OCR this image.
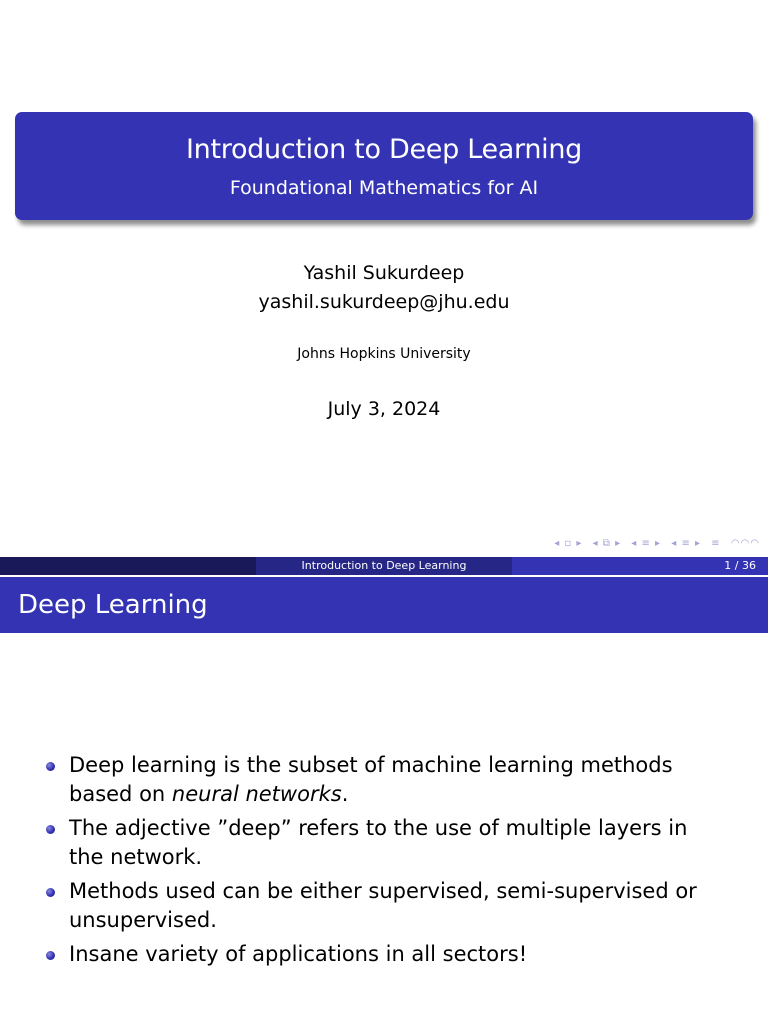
Introduction to Deep Learning
Foundational Mathematics for AI
Yashil Sukurdeep
yashil.sukurdeep@jhu.edu
Johns Hopkins University
July 3, 2024
◂ ▫ ▸ ◂ ⧉ ▸ ◂ ≡ ▸ ◂ ≡ ▸ ≡ ◠◠◠
Introduction to Deep Learning	1 / 36
Deep Learning
Deep learning is the subset of machine learning methods based on neural networks.
The adjective ”deep” refers to the use of multiple layers in the network.
Methods used can be either supervised, semi-supervised or unsupervised.
Insane variety of applications in all sectors!
